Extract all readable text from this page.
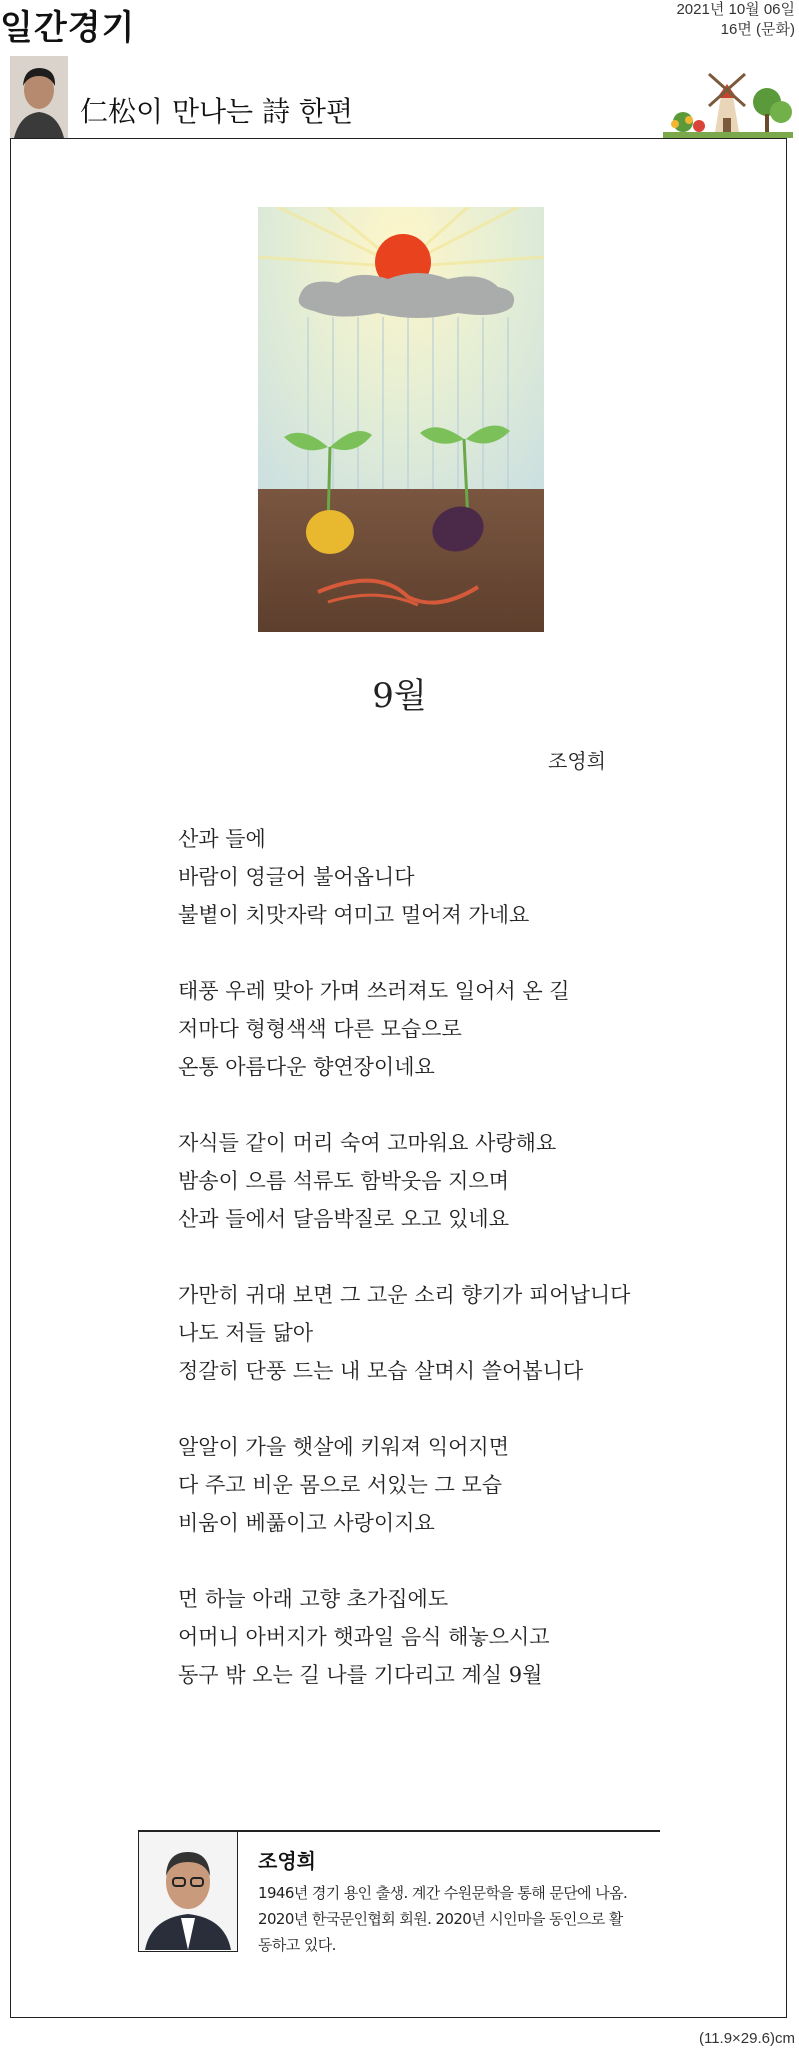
일간경기	2021년 10월 06일
16면 (문화)
仁松이 만나는 詩 한편
9월
조영희
산과 들에
바람이 영글어 불어옵니다
불볕이 치맛자락 여미고 멀어져 가네요
태풍 우레 맞아 가며 쓰러져도 일어서 온 길
저마다 형형색색 다른 모습으로
온통 아름다운 향연장이네요
자식들 같이 머리 숙여 고마워요 사랑해요
밤송이 으름 석류도 함박웃음 지으며
산과 들에서 달음박질로 오고 있네요
가만히 귀대 보면 그 고운 소리 향기가 피어납니다
나도 저들 닮아
정갈히 단풍 드는 내 모습 살며시 쓸어봅니다
알알이 가을 햇살에 키워져 익어지면
다 주고 비운 몸으로 서있는 그 모습
비움이 베풂이고 사랑이지요
먼 하늘 아래 고향 초가집에도
어머니 아버지가 햇과일 음식 해놓으시고
동구 밖 오는 길 나를 기다리고 계실 9월
조영희
1946년 경기 용인 출생. 계간 수원문학을 통해 문단에 나옴.
2020년 한국문인협회 회원. 2020년 시인마을 동인으로 활
동하고 있다.
(11.9×29.6)cm
